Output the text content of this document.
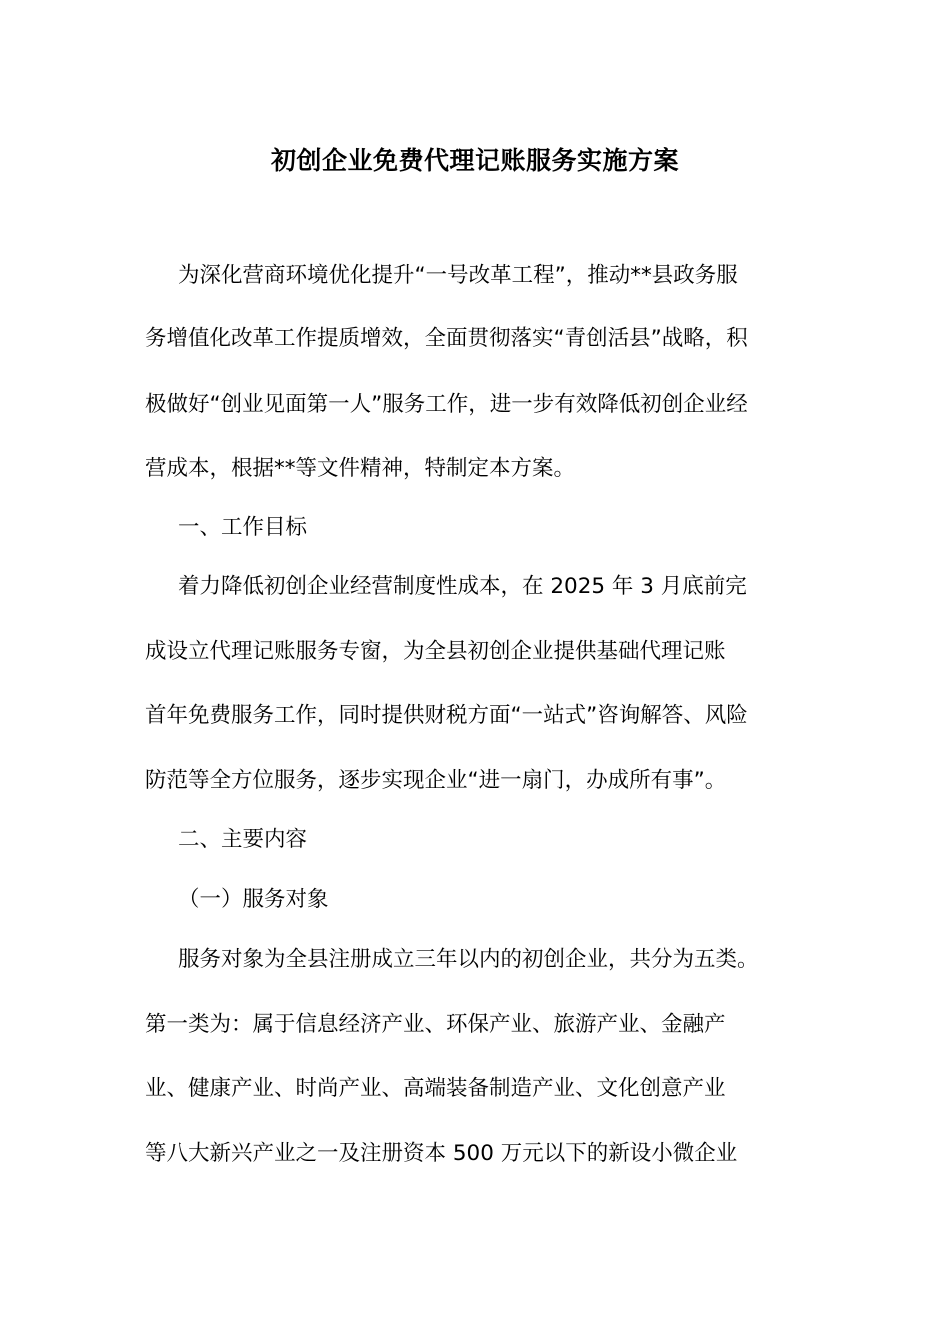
初创企业免费代理记账服务实施方案
为深化营商环境优化提升“一号改革工程”，推动**县政务服
务增值化改革工作提质增效，全面贯彻落实“青创活县”战略，积
极做好“创业见面第一人”服务工作，进一步有效降低初创企业经
营成本，根据**等文件精神，特制定本方案。
一、工作目标
着力降低初创企业经营制度性成本，在 2025 年 3 月底前完
成设立代理记账服务专窗，为全县初创企业提供基础代理记账
首年免费服务工作，同时提供财税方面“一站式”咨询解答、风险
防范等全方位服务，逐步实现企业“进一扇门，办成所有事”。
二、主要内容
（一）服务对象
服务对象为全县注册成立三年以内的初创企业，共分为五类。
第一类为：属于信息经济产业、环保产业、旅游产业、金融产
业、健康产业、时尚产业、高端装备制造产业、文化创意产业
等八大新兴产业之一及注册资本 500 万元以下的新设小微企业
